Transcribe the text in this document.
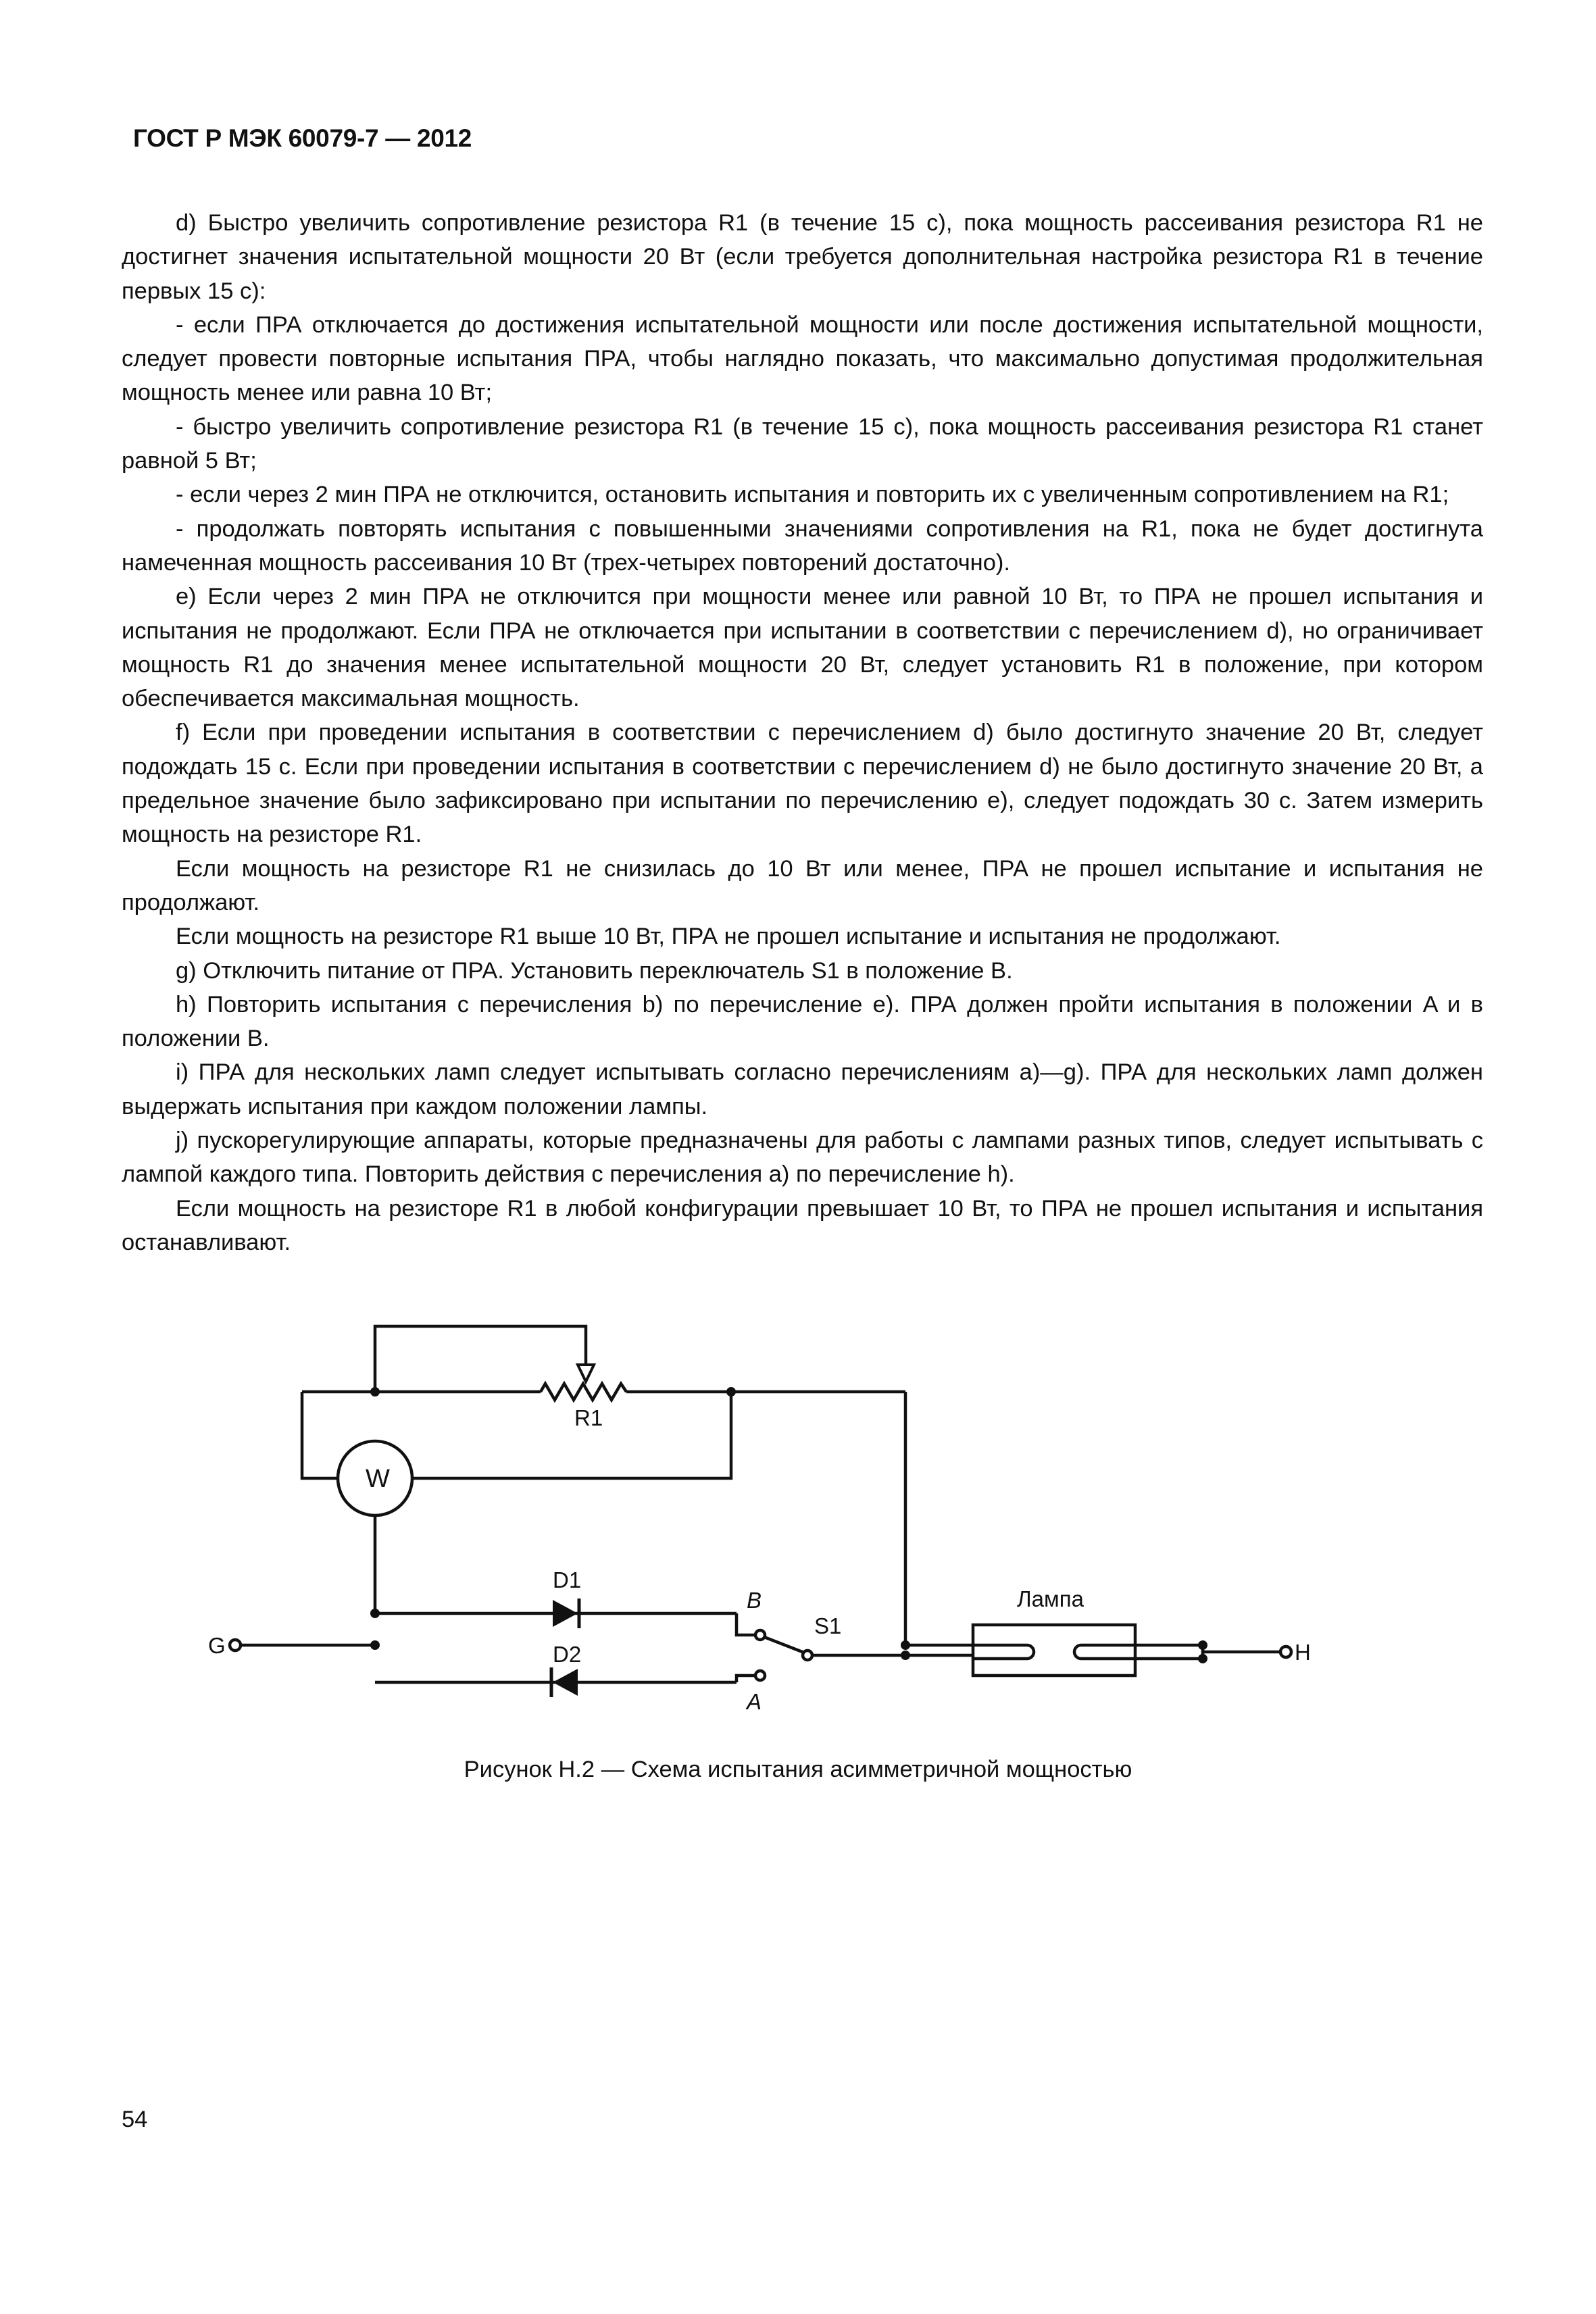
ГОСТ Р МЭК 60079-7 — 2012

d) Быстро увеличить сопротивление резистора R1 (в течение 15 с), пока мощность рассеивания резистора R1 не достигнет значения испытательной мощности 20 Вт (если требуется дополнительная настройка резистора R1 в течение первых 15 с):

- если ПРА отключается до достижения испытательной мощности или после достижения испытательной мощности, следует провести повторные испытания ПРА, чтобы наглядно показать, что максимально допустимая продолжительная мощность менее или равна 10 Вт;

- быстро увеличить сопротивление резистора R1 (в течение 15 с), пока мощность рассеивания резистора R1 станет равной 5 Вт;

- если через 2 мин ПРА не отключится, остановить испытания и повторить их с увеличенным сопротивлением на R1;

- продолжать повторять испытания с повышенными значениями сопротивления на R1, пока не будет достигнута намеченная мощность рассеивания 10 Вт (трех-четырех повторений достаточно).

e) Если через 2 мин ПРА не отключится при мощности менее или равной 10 Вт, то ПРА не прошел испытания и испытания не продолжают. Если ПРА не отключается при испытании в соответствии с перечислением d), но ограничивает мощность R1 до значения менее испытательной мощности 20 Вт, следует установить R1 в положение, при котором обеспечивается максимальная мощность.

f) Если при проведении испытания в соответствии с перечислением d) было достигнуто значение 20 Вт, следует подождать 15 с. Если при проведении испытания в соответствии с перечислением d) не было достигнуто значение 20 Вт, а предельное значение было зафиксировано при испытании по перечислению e), следует подождать 30 с. Затем измерить мощность на резисторе R1.

Если мощность на резисторе R1 не снизилась до 10 Вт или менее, ПРА не прошел испытание и испытания не продолжают.

Если мощность на резисторе R1 выше 10 Вт, ПРА не прошел испытание и испытания не продолжают.

g) Отключить питание от ПРА. Установить переключатель S1 в положение B.

h) Повторить испытания с перечисления b) по перечисление e). ПРА должен пройти испытания в положении A и в положении B.

i) ПРА для нескольких ламп следует испытывать согласно перечислениям a)—g). ПРА для нескольких ламп должен выдержать испытания при каждом положении лампы.

j) пускорегулирующие аппараты, которые предназначены для работы с лампами разных типов, следует испытывать с лампой каждого типа. Повторить действия с перечисления a) по перечисление h).

Если мощность на резисторе R1 в любой конфигурации превышает 10 Вт, то ПРА не прошел испытания и испытания останавливают.

R1
W
D1
D2
B
A
S1
Лампа
G	H
Рисунок H.2 — Схема испытания асимметричной мощностью
54
